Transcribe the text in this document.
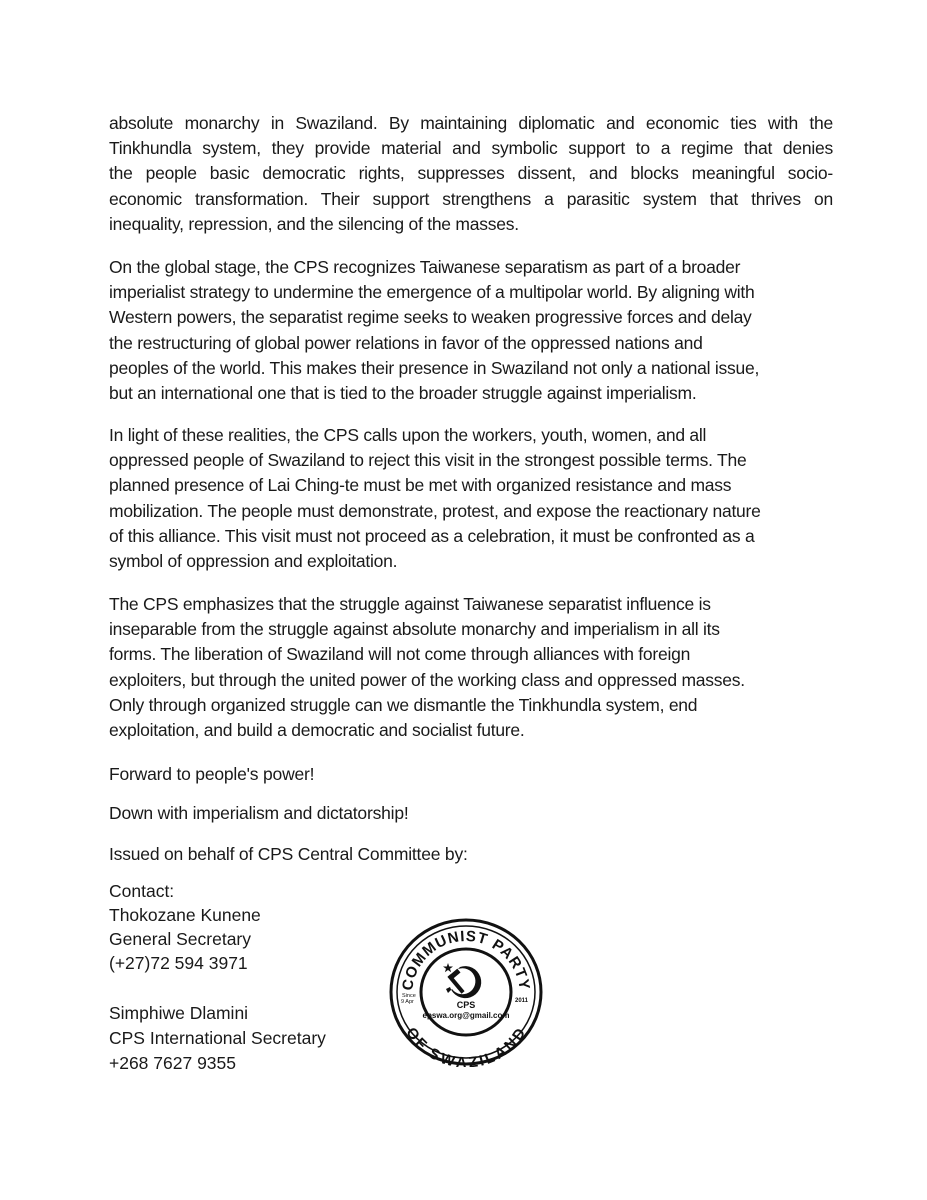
absolute monarchy in Swaziland. By maintaining diplomatic and economic ties with the
Tinkhundla system, they provide material and symbolic support to a regime that denies
the people basic democratic rights, suppresses dissent, and blocks meaningful socio-
economic transformation. Their support strengthens a parasitic system that thrives on
inequality, repression, and the silencing of the masses.
On the global stage, the CPS recognizes Taiwanese separatism as part of a broader
imperialist strategy to undermine the emergence of a multipolar world. By aligning with
Western powers, the separatist regime seeks to weaken progressive forces and delay
the restructuring of global power relations in favor of the oppressed nations and
peoples of the world. This makes their presence in Swaziland not only a national issue,
but an international one that is tied to the broader struggle against imperialism.
In light of these realities, the CPS calls upon the workers, youth, women, and all
oppressed people of Swaziland to reject this visit in the strongest possible terms. The
planned presence of Lai Ching-te must be met with organized resistance and mass
mobilization. The people must demonstrate, protest, and expose the reactionary nature
of this alliance. This visit must not proceed as a celebration, it must be confronted as a
symbol of oppression and exploitation.
The CPS emphasizes that the struggle against Taiwanese separatist influence is
inseparable from the struggle against absolute monarchy and imperialism in all its
forms. The liberation of Swaziland will not come through alliances with foreign
exploiters, but through the united power of the working class and oppressed masses.
Only through organized struggle can we dismantle the Tinkhundla system, end
exploitation, and build a democratic and socialist future.
Forward to people's power!
Down with imperialism and dictatorship!
Issued on behalf of CPS Central Committee by:
Contact:
Thokozane Kunene
General Secretary
(+27)72 594 3971
Simphiwe Dlamini
CPS International Secretary
+268 7627 9355
COMMUNIST PARTY
OF SWAZILAND
CPS
epswa.org@gmail.com
Since
9 Apr	2011
